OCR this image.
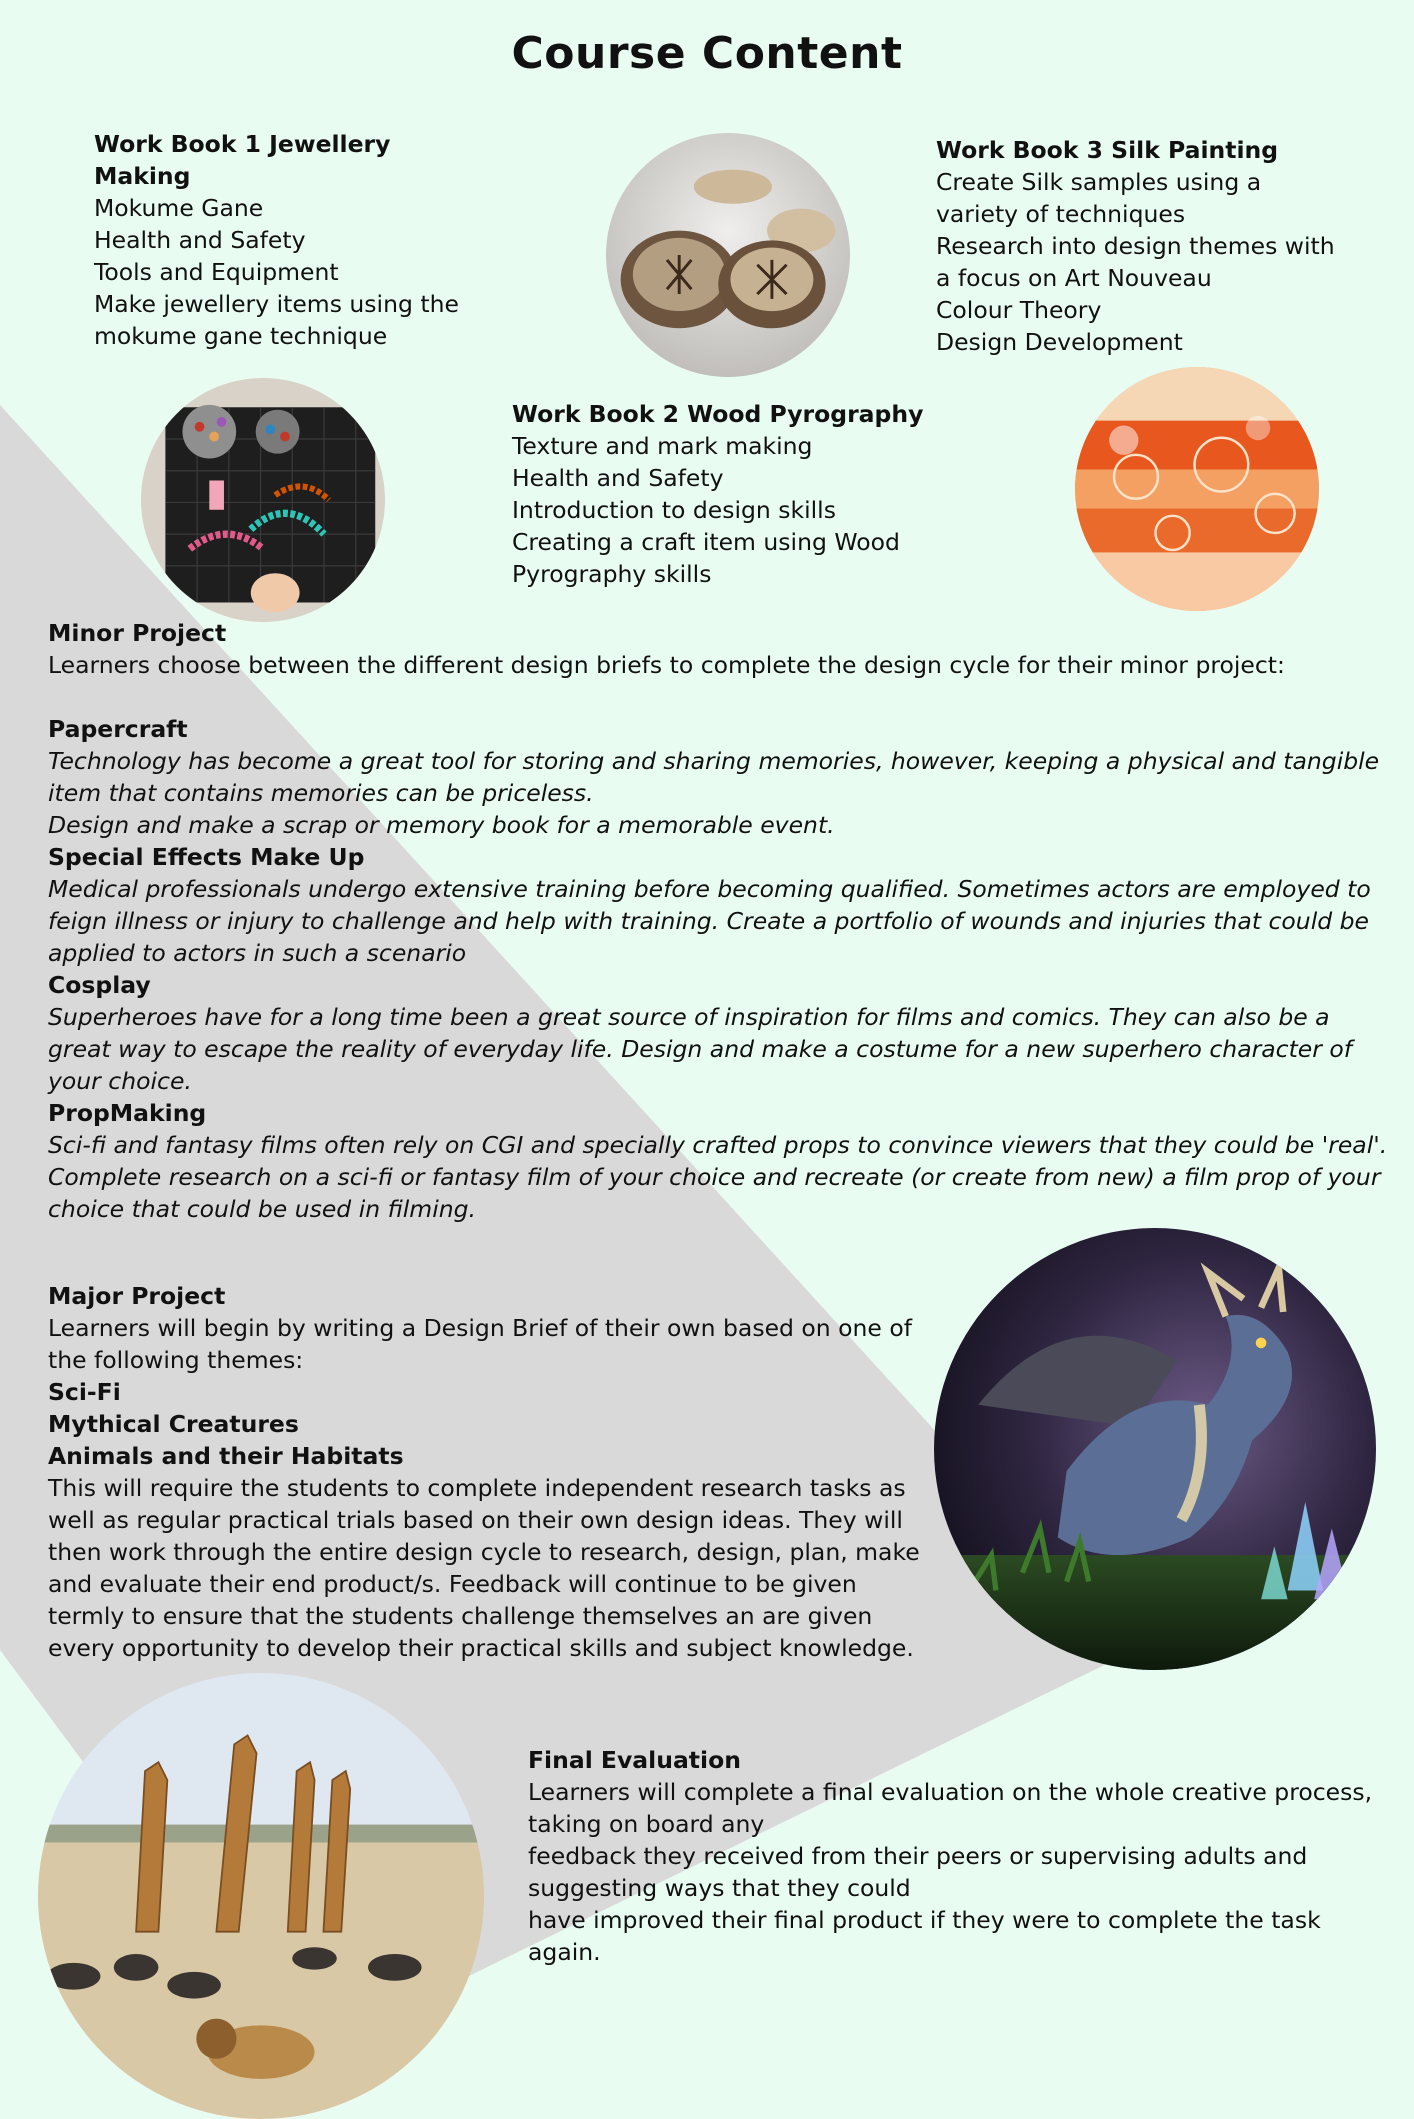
Course Content

Work Book 1 Jewellery Making

Mokume Gane

Health and Safety

Tools and Equipment

Make jewellery items using the mokume gane technique

Work Book 3 Silk Painting

Create Silk samples using a variety of techniques

Research into design themes with a focus on Art Nouveau

Colour Theory

Design Development

Work Book 2 Wood Pyrography

Texture and mark making

Health and Safety

Introduction to design skills

Creating a craft item using Wood Pyrography skills

Minor Project

Learners choose between the different design briefs to complete the design cycle for their minor project:

Papercraft

Technology has become a great tool for storing and sharing memories, however, keeping a physical and tangible item that contains memories can be priceless.

Design and make a scrap or memory book for a memorable event.

Special Effects Make Up

Medical professionals undergo extensive training before becoming qualified. Sometimes actors are employed to feign illness or injury to challenge and help with training. Create a portfolio of wounds and injuries that could be applied to actors in such a scenario

Cosplay

Superheroes have for a long time been a great source of inspiration for films and comics. They can also be a great way to escape the reality of everyday life. Design and make a costume for a new superhero character of your choice.

PropMaking

Sci-fi and fantasy films often rely on CGI and specially crafted props to convince viewers that they could be 'real'. Complete research on a sci-fi or fantasy film of your choice and recreate (or create from new) a film prop of your choice that could be used in filming.

Major Project

Learners will begin by writing a Design Brief of their own based on one of the following themes:

Sci-Fi

Mythical Creatures

Animals and their Habitats

This will require the students to complete independent research tasks as well as regular practical trials based on their own design ideas. They will then work through the entire design cycle to research, design, plan, make and evaluate their end product/s. Feedback will continue to be given termly to ensure that the students challenge themselves an are given every opportunity to develop their practical skills and subject knowledge.

Final Evaluation

Learners will complete a final evaluation on the whole creative process, taking on board any

feedback they received from their peers or supervising adults and suggesting ways that they could

have improved their final product if they were to complete the task again.
